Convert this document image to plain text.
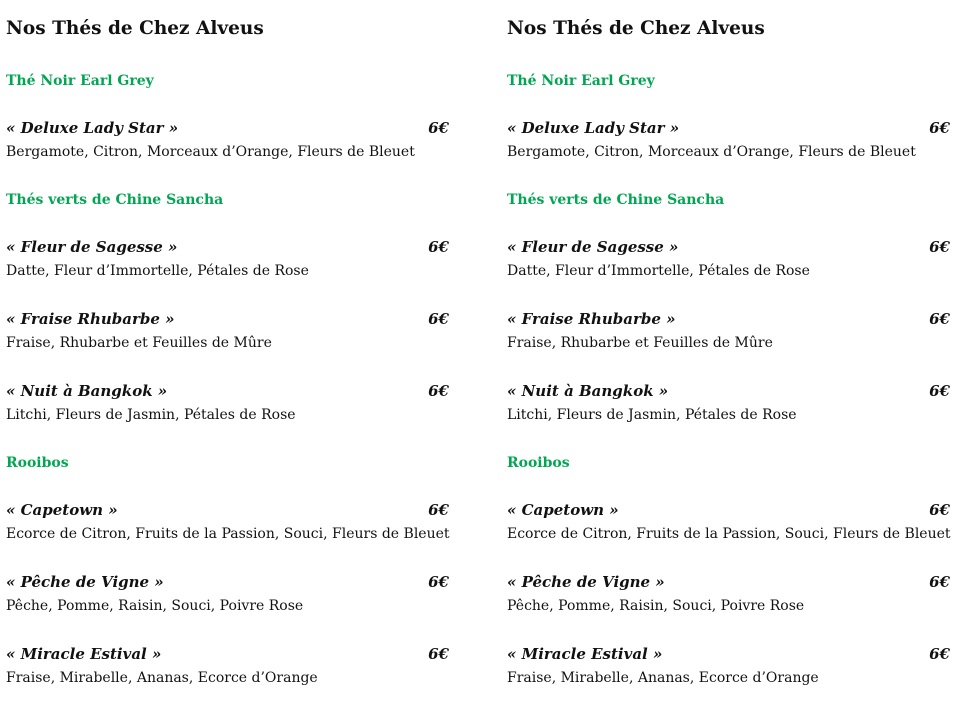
Nos Thés de Chez Alveus
Thé Noir Earl Grey
« Deluxe Lady Star »	6€
Bergamote, Citron, Morceaux d’Orange, Fleurs de Bleuet
Thés verts de Chine Sancha
« Fleur de Sagesse »	6€
Datte, Fleur d’Immortelle, Pétales de Rose
« Fraise Rhubarbe »	6€
Fraise, Rhubarbe et Feuilles de Mûre
« Nuit à Bangkok »	6€
Litchi, Fleurs de Jasmin, Pétales de Rose
Rooibos
« Capetown »	6€
Ecorce de Citron, Fruits de la Passion, Souci, Fleurs de Bleuet
« Pêche de Vigne »	6€
Pêche, Pomme, Raisin, Souci, Poivre Rose
« Miracle Estival »	6€
Fraise, Mirabelle, Ananas, Ecorce d’Orange
Nos Thés de Chez Alveus
Thé Noir Earl Grey
« Deluxe Lady Star »	6€
Bergamote, Citron, Morceaux d’Orange, Fleurs de Bleuet
Thés verts de Chine Sancha
« Fleur de Sagesse »	6€
Datte, Fleur d’Immortelle, Pétales de Rose
« Fraise Rhubarbe »	6€
Fraise, Rhubarbe et Feuilles de Mûre
« Nuit à Bangkok »	6€
Litchi, Fleurs de Jasmin, Pétales de Rose
Rooibos
« Capetown »	6€
Ecorce de Citron, Fruits de la Passion, Souci, Fleurs de Bleuet
« Pêche de Vigne »	6€
Pêche, Pomme, Raisin, Souci, Poivre Rose
« Miracle Estival »	6€
Fraise, Mirabelle, Ananas, Ecorce d’Orange
